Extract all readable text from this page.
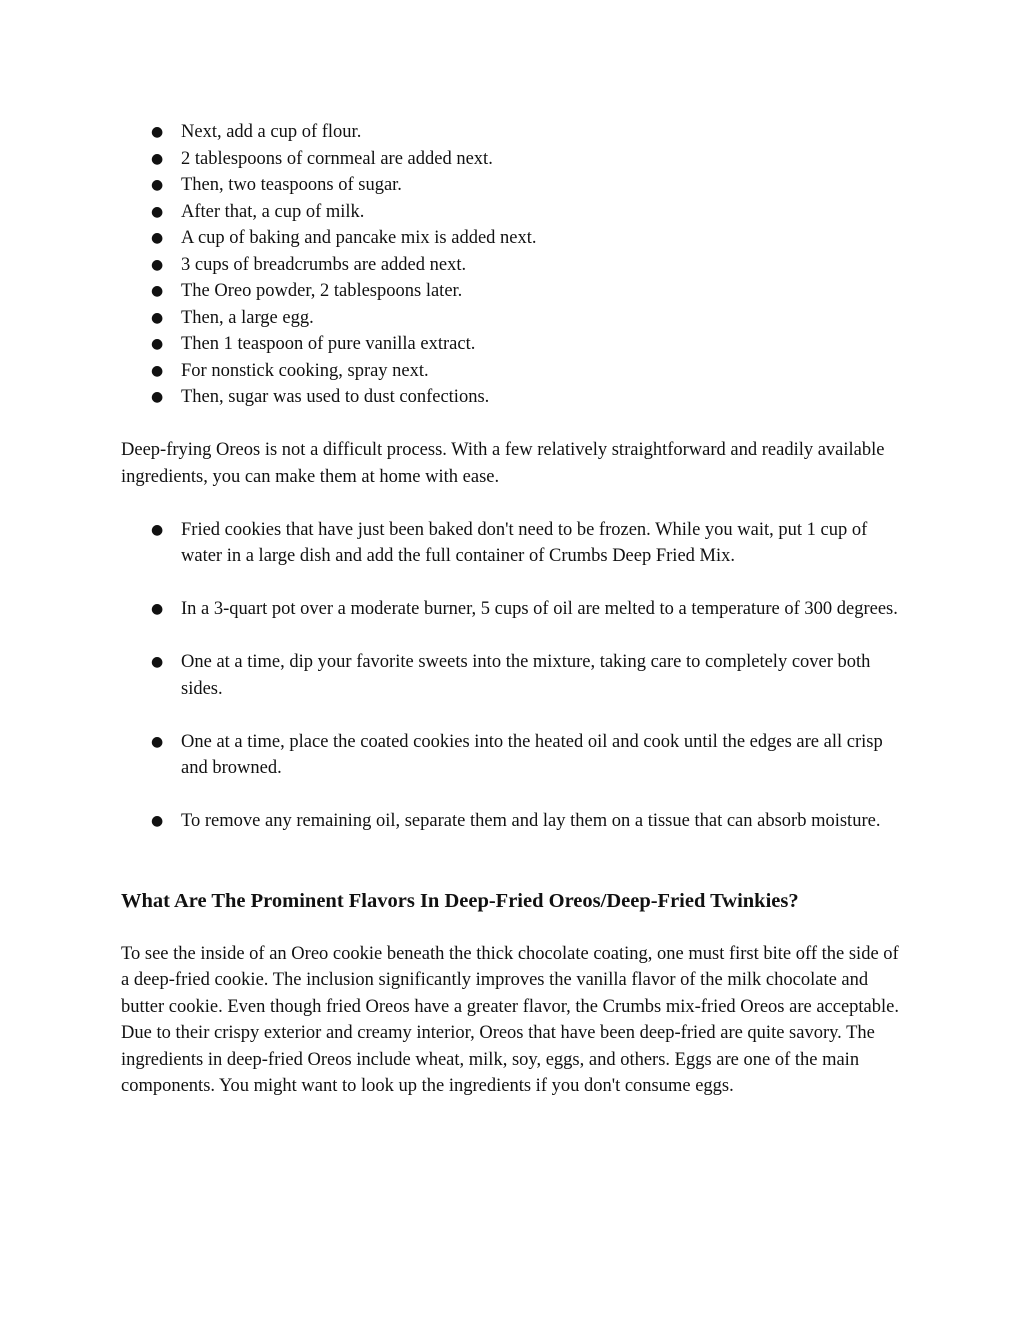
● Next, add a cup of flour.
● 2 tablespoons of cornmeal are added next.
● Then, two teaspoons of sugar.
● After that, a cup of milk.
● A cup of baking and pancake mix is added next.
● 3 cups of breadcrumbs are added next.
● The Oreo powder, 2 tablespoons later.
● Then, a large egg.
● Then 1 teaspoon of pure vanilla extract.
● For nonstick cooking, spray next.
● Then, sugar was used to dust confections.

Deep-frying Oreos is not a difficult process. With a few relatively straightforward and readily available ingredients, you can make them at home with ease.

● Fried cookies that have just been baked don't need to be frozen. While you wait, put 1 cup of water in a large dish and add the full container of Crumbs Deep Fried Mix.
● In a 3-quart pot over a moderate burner, 5 cups of oil are melted to a temperature of 300 degrees.
● One at a time, dip your favorite sweets into the mixture, taking care to completely cover both sides.
● One at a time, place the coated cookies into the heated oil and cook until the edges are all crisp and browned.
● To remove any remaining oil, separate them and lay them on a tissue that can absorb moisture.
What Are The Prominent Flavors In Deep-Fried Oreos/Deep-Fried Twinkies?

To see the inside of an Oreo cookie beneath the thick chocolate coating, one must first bite off the side of a deep-fried cookie. The inclusion significantly improves the vanilla flavor of the milk chocolate and butter cookie. Even though fried Oreos have a greater flavor, the Crumbs mix-fried Oreos are acceptable. Due to their crispy exterior and creamy interior, Oreos that have been deep-fried are quite savory. The ingredients in deep-fried Oreos include wheat, milk, soy, eggs, and others. Eggs are one of the main components. You might want to look up the ingredients if you don't consume eggs.
